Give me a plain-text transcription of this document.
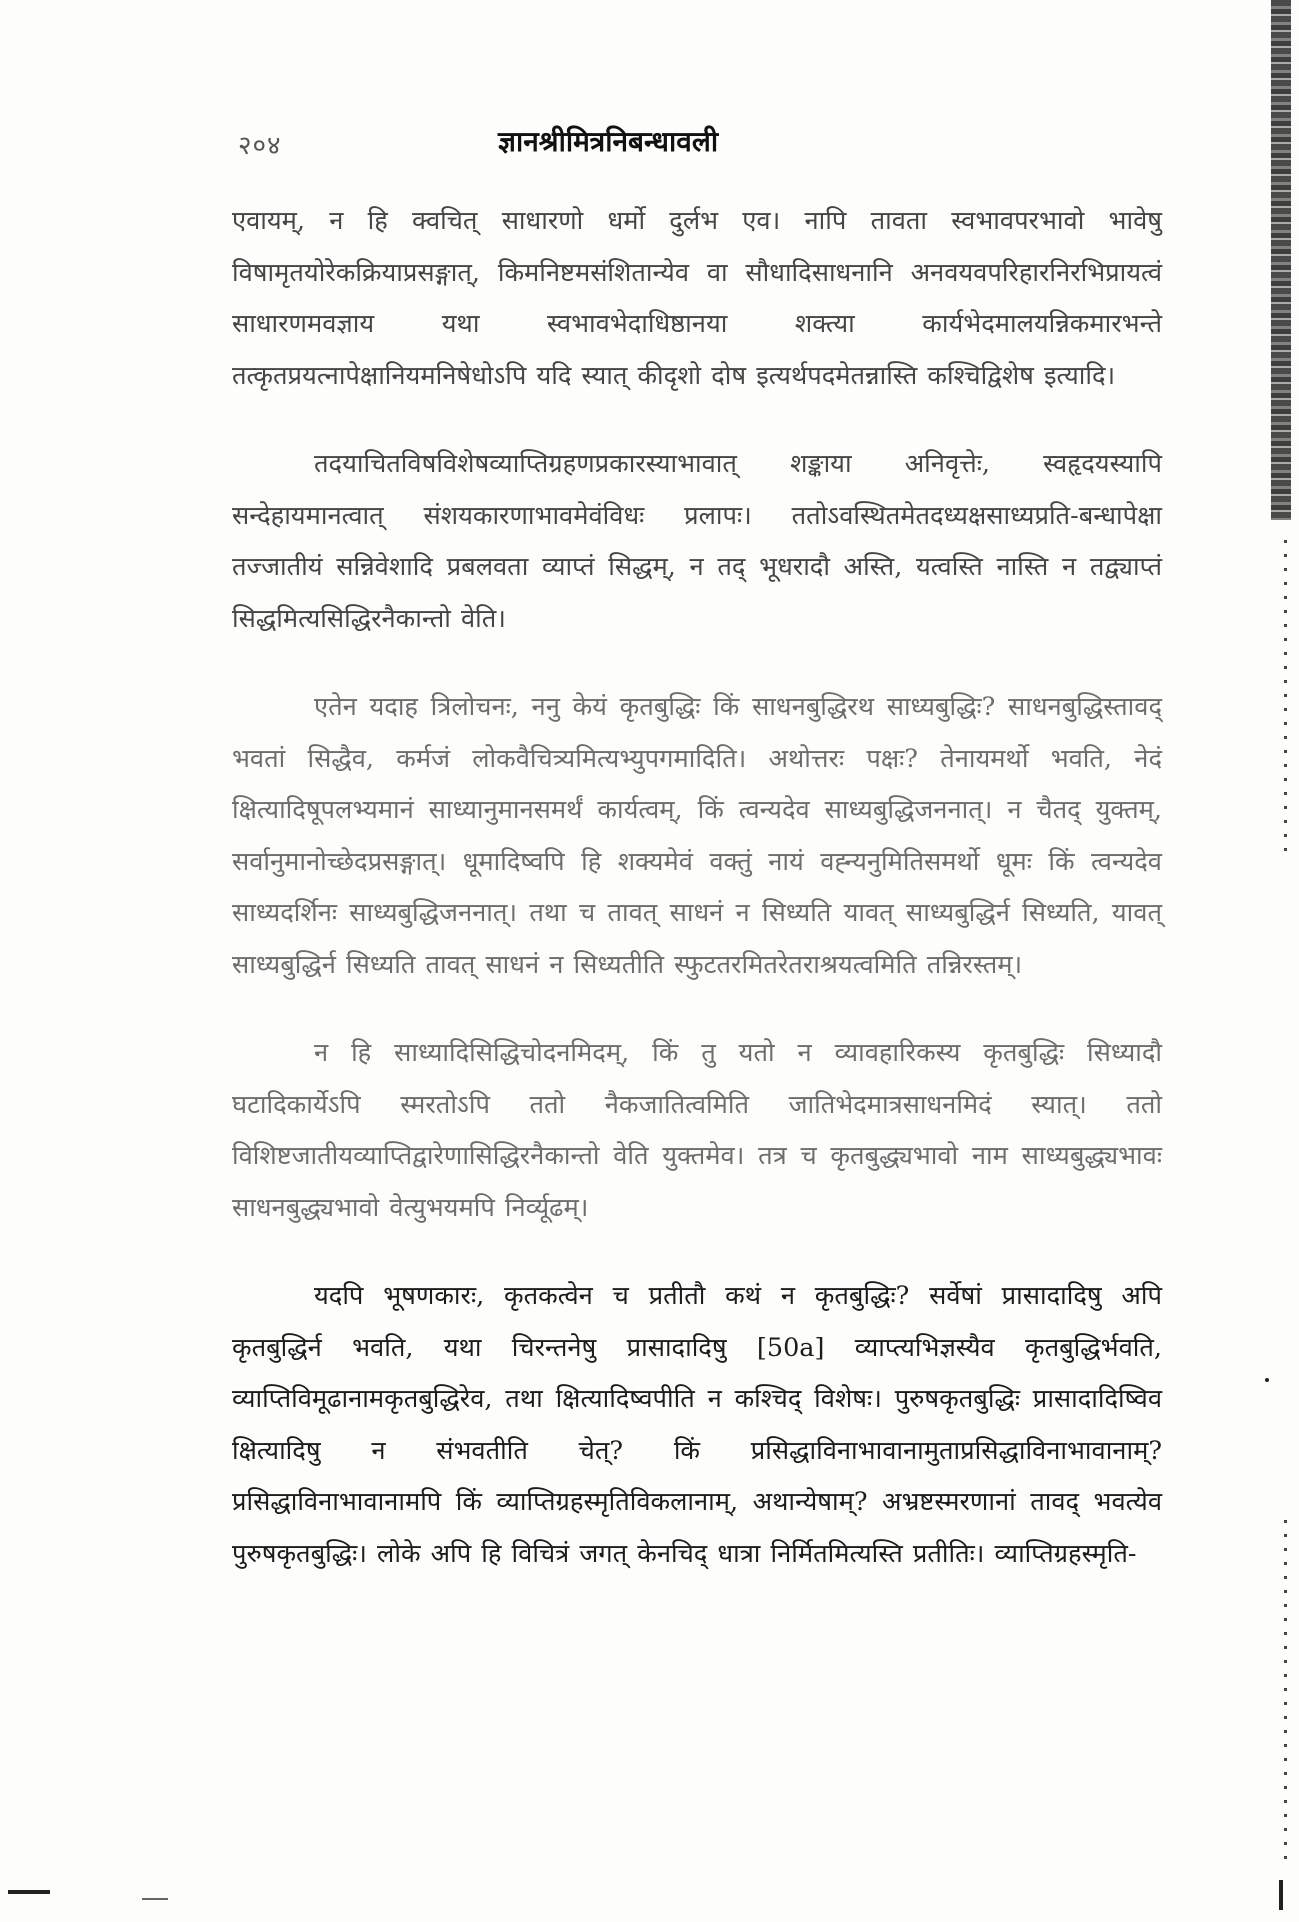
२०४	ज्ञानश्रीमित्रनिबन्धावली

एवायम्, न हि क्वचित् साधारणो धर्मो दुर्लभ एव। नापि तावता स्वभावपरभावो भावेषु विषामृतयोरेकक्रियाप्रसङ्गात्, किमनिष्टमसंशितान्येव वा सौधादिसाधनानि अनवयवपरिहारनिरभिप्रायत्वं साधारणमवज्ञाय यथा स्वभावभेदाधिष्ठानया शक्त्या कार्यभेदमालयन्निकमारभन्ते तत्कृतप्रयत्नापेक्षानियमनिषेधोऽपि यदि स्यात् कीदृशो दोष इत्यर्थपदमेतन्नास्ति कश्चिद्विशेष इत्यादि।

तदयाचितविषविशेषव्याप्तिग्रहणप्रकारस्याभावात् शङ्काया अनिवृत्तेः, स्वहृदयस्यापि सन्देहायमानत्वात् संशयकारणाभावमेवंविधः प्रलापः। ततोऽवस्थितमेतदध्यक्षसाध्यप्रति-बन्धापेक्षा तज्जातीयं सन्निवेशादि प्रबलवता व्याप्तं सिद्धम्, न तद् भूधरादौ अस्ति, यत्वस्ति नास्ति न तद्व्याप्तं सिद्धमित्यसिद्धिरनैकान्तो वेति।

एतेन यदाह त्रिलोचनः, ननु केयं कृतबुद्धिः किं साधनबुद्धिरथ साध्यबुद्धिः? साधनबुद्धिस्तावद् भवतां सिद्धैव, कर्मजं लोकवैचित्र्यमित्यभ्युपगमादिति। अथोत्तरः पक्षः? तेनायमर्थो भवति, नेदं क्षित्यादिषूपलभ्यमानं साध्यानुमानसमर्थं कार्यत्वम्, किं त्वन्यदेव साध्यबुद्धिजननात्। न चैतद् युक्तम्, सर्वानुमानोच्छेदप्रसङ्गात्। धूमादिष्वपि हि शक्यमेवं वक्तुं नायं वह्न्यनुमितिसमर्थो धूमः किं त्वन्यदेव साध्यदर्शिनः साध्यबुद्धिजननात्। तथा च तावत् साधनं न सिध्यति यावत् साध्यबुद्धिर्न सिध्यति, यावत् साध्यबुद्धिर्न सिध्यति तावत् साधनं न सिध्यतीति स्फुटतरमितरेतराश्रयत्वमिति तन्निरस्तम्।

न हि साध्यादिसिद्धिचोदनमिदम्, किं तु यतो न व्यावहारिकस्य कृतबुद्धिः सिध्यादौ घटादिकार्येऽपि स्मरतोऽपि ततो नैकजातित्वमिति जातिभेदमात्रसाधनमिदं स्यात्। ततो विशिष्टजातीयव्याप्तिद्वारेणासिद्धिरनैकान्तो वेति युक्तमेव। तत्र च कृतबुद्ध्यभावो नाम साध्यबुद्ध्यभावः साधनबुद्ध्यभावो वेत्युभयमपि निर्व्यूढम्।

यदपि भूषणकारः, कृतकत्वेन च प्रतीतौ कथं न कृतबुद्धिः? सर्वेषां प्रासादादिषु अपि कृतबुद्धिर्न भवति, यथा चिरन्तनेषु प्रासादादिषु [50a] व्याप्त्यभिज्ञस्यैव कृतबुद्धिर्भवति, व्याप्तिविमूढानामकृतबुद्धिरेव, तथा क्षित्यादिष्वपीति न कश्चिद् विशेषः। पुरुषकृतबुद्धिः प्रासादादिष्विव क्षित्यादिषु न संभवतीति चेत्? किं प्रसिद्धाविनाभावानामुताप्रसिद्धाविनाभावानाम्? प्रसिद्धाविनाभावानामपि किं व्याप्तिग्रहस्मृतिविकलानाम्, अथान्येषाम्? अभ्रष्टस्मरणानां तावद् भवत्येव पुरुषकृतबुद्धिः। लोके अपि हि विचित्रं जगत् केनचिद् धात्रा निर्मितमित्यस्ति प्रतीतिः। व्याप्तिग्रहस्मृति-
